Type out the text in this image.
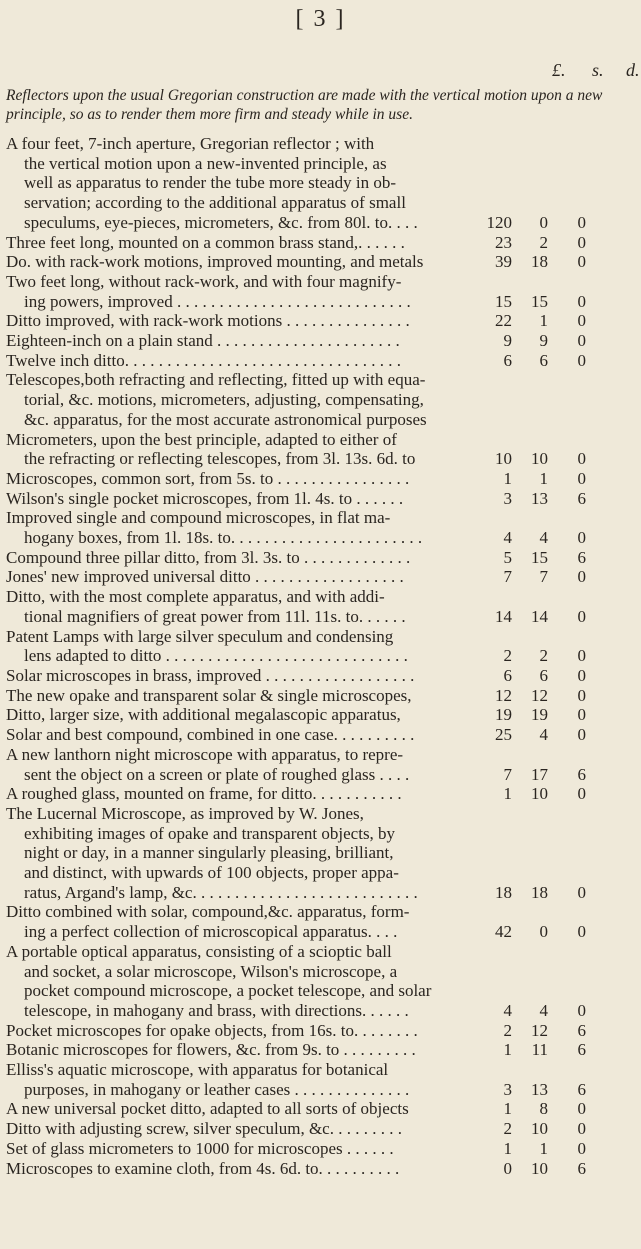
[ 3 ]
£. s. d.
Reflectors upon the usual Gregorian construction are made with the vertical motion upon a new principle, so as to render them more firm and steady while in use.
A four feet, 7-inch aperture, Gregorian reflector ; with
the vertical motion upon a new-invented principle, as
well as apparatus to render the tube more steady in ob-
servation; according to the additional apparatus of small
speculums, eye-pieces, micrometers, &c. from 80l. to. . . .	120	0	0
Three feet long, mounted on a common brass stand,. . . . . .	23	2	0
Do. with rack-work motions, improved mounting, and metals	39	18	0
Two feet long, without rack-work, and with four magnify-
ing powers, improved . . . . . . . . . . . . . . . . . . . . . . . . . . . .	15	15	0
Ditto improved, with rack-work motions . . . . . . . . . . . . . . .	22	1	0
Eighteen-inch on a plain stand . . . . . . . . . . . . . . . . . . . . . .	9	9	0
Twelve inch ditto. . . . . . . . . . . . . . . . . . . . . . . . . . . . . . . . .	6	6	0
Telescopes,both refracting and reflecting, fitted up with equa-
torial, &c. motions, micrometers, adjusting, compensating,
&c. apparatus, for the most accurate astronomical purposes
Micrometers, upon the best principle, adapted to either of
the refracting or reflecting telescopes, from 3l. 13s. 6d. to	10	10	0
Microscopes, common sort, from 5s. to . . . . . . . . . . . . . . . .	1	1	0
Wilson's single pocket microscopes, from 1l. 4s. to . . . . . .	3	13	6
Improved single and compound microscopes, in flat ma-
hogany boxes, from 1l. 18s. to. . . . . . . . . . . . . . . . . . . . . . .	4	4	0
Compound three pillar ditto, from 3l. 3s. to . . . . . . . . . . . . .	5	15	6
Jones' new improved universal ditto . . . . . . . . . . . . . . . . . .	7	7	0
Ditto, with the most complete apparatus, and with addi-
tional magnifiers of great power from 11l. 11s. to. . . . . .	14	14	0
Patent Lamps with large silver speculum and condensing
lens adapted to ditto . . . . . . . . . . . . . . . . . . . . . . . . . . . . .	2	2	0
Solar microscopes in brass, improved . . . . . . . . . . . . . . . . . .	6	6	0
The new opake and transparent solar & single microscopes,	12	12	0
Ditto, larger size, with additional megalascopic apparatus,	19	19	0
Solar and best compound, combined in one case. . . . . . . . . .	25	4	0
A new lanthorn night microscope with apparatus, to repre-
sent the object on a screen or plate of roughed glass . . . .	7	17	6
A roughed glass, mounted on frame, for ditto. . . . . . . . . . .	1	10	0
The Lucernal Microscope, as improved by W. Jones,
exhibiting images of opake and transparent objects, by
night or day, in a manner singularly pleasing, brilliant,
and distinct, with upwards of 100 objects, proper appa-
ratus, Argand's lamp, &c. . . . . . . . . . . . . . . . . . . . . . . . . . .	18	18	0
Ditto combined with solar, compound,&c. apparatus, form-
ing a perfect collection of microscopical apparatus. . . .	42	0	0
A portable optical apparatus, consisting of a scioptic ball
and socket, a solar microscope, Wilson's microscope, a
pocket compound microscope, a pocket telescope, and solar
telescope, in mahogany and brass, with directions. . . . . .	4	4	0
Pocket microscopes for opake objects, from 16s. to. . . . . . . .	2	12	6
Botanic microscopes for flowers, &c. from 9s. to . . . . . . . . .	1	11	6
Elliss's aquatic microscope, with apparatus for botanical
purposes, in mahogany or leather cases . . . . . . . . . . . . . .	3	13	6
A new universal pocket ditto, adapted to all sorts of objects	1	8	0
Ditto with adjusting screw, silver speculum, &c. . . . . . . . .	2	10	0
Set of glass micrometers to 1000 for microscopes . . . . . .	1	1	0
Microscopes to examine cloth, from 4s. 6d. to. . . . . . . . . .	0	10	6
